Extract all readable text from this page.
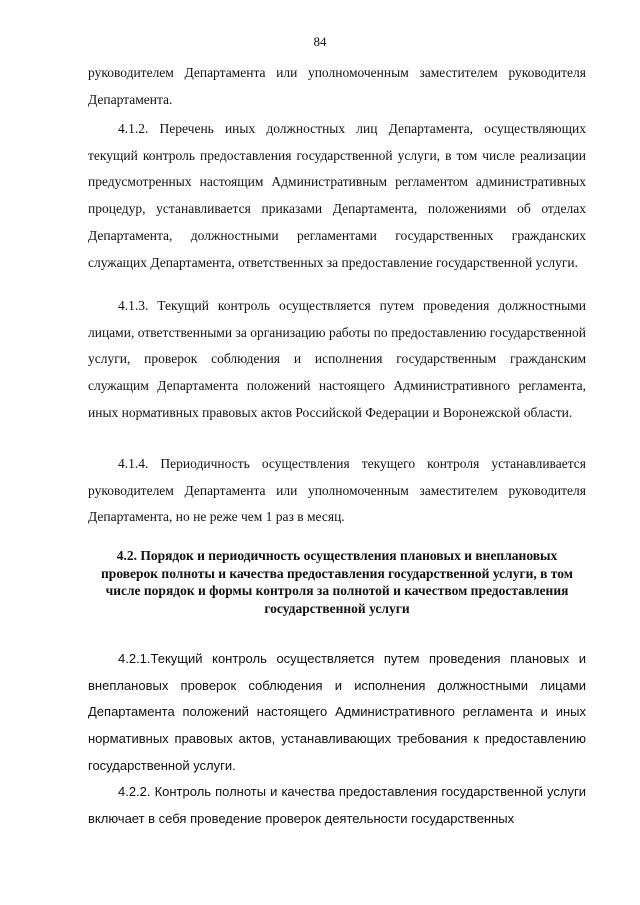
84
руководителем Департамента или уполномоченным заместителем руководителя Департамента.
4.1.2. Перечень иных должностных лиц Департамента, осуществляющих текущий контроль предоставления государственной услуги, в том числе реализации предусмотренных настоящим Административным регламентом административных процедур, устанавливается приказами Департамента, положениями об отделах Департамента, должностными регламентами государственных гражданских служащих Департамента, ответственных за предоставление государственной услуги.
4.1.3. Текущий контроль осуществляется путем проведения должностными лицами, ответственными за организацию работы по предоставлению государственной услуги, проверок соблюдения и исполнения государственным гражданским служащим Департамента положений настоящего Административного регламента, иных нормативных правовых актов Российской Федерации и Воронежской области.
4.1.4. Периодичность осуществления текущего контроля устанавливается руководителем Департамента или уполномоченным заместителем руководителя Департамента, но не реже чем 1 раз в месяц.
4.2. Порядок и периодичность осуществления плановых и внеплановых проверок полноты и качества предоставления государственной услуги, в том числе порядок и формы контроля за полнотой и качеством предоставления государственной услуги
4.2.1.Текущий контроль осуществляется путем проведения плановых и внеплановых проверок соблюдения и исполнения должностными лицами Департамента положений настоящего Административного регламента и иных нормативных правовых актов, устанавливающих требования к предоставлению государственной услуги.
4.2.2. Контроль полноты и качества предоставления государственной услуги включает в себя проведение проверок деятельности государственных
